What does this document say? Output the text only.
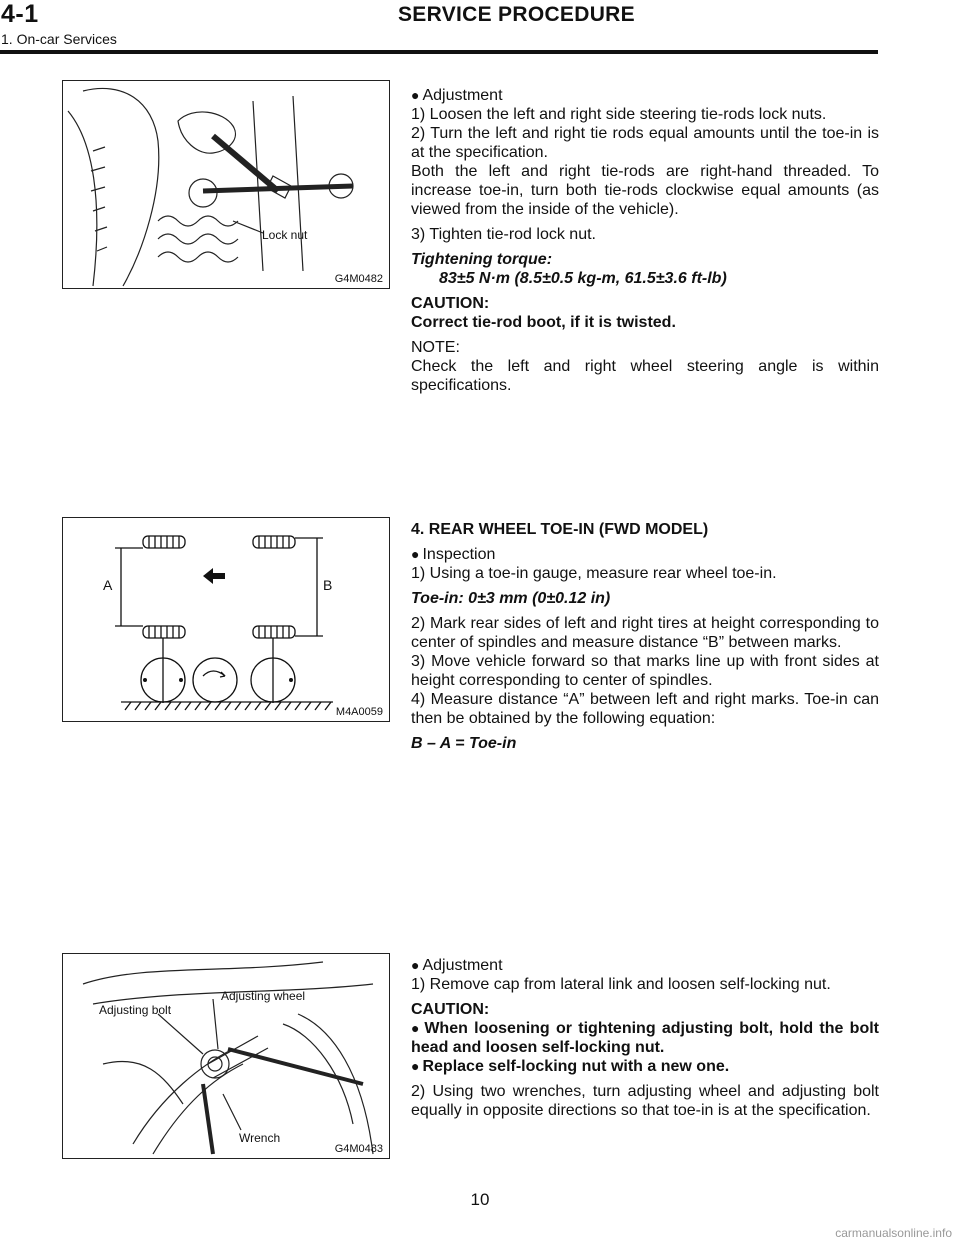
4-1	SERVICE PROCEDURE
1. On-car Services
Lock nut
G4M0482

● Adjustment

1) Loosen the left and right side steering tie-rods lock nuts.

2) Turn the left and right tie rods equal amounts until the toe-in is at the specification.

Both the left and right tie-rods are right-hand threaded. To increase toe-in, turn both tie-rods clockwise equal amounts (as viewed from the inside of the vehicle).

3) Tighten tie-rod lock nut.

Tightening torque:

83±5 N·m (8.5±0.5 kg-m, 61.5±3.6 ft-lb)

CAUTION:

Correct tie-rod boot, if it is twisted.

NOTE:

Check the left and right wheel steering angle is within specifications.

A	B
M4A0059

4. REAR WHEEL TOE-IN (FWD MODEL)

● Inspection

1) Using a toe-in gauge, measure rear wheel toe-in.

Toe-in: 0±3 mm (0±0.12 in)

2) Mark rear sides of left and right tires at height corresponding to center of spindles and measure distance “B” between marks.

3) Move vehicle forward so that marks line up with front sides at height corresponding to center of spindles.

4) Measure distance “A” between left and right marks. Toe-in can then be obtained by the following equation:

B – A = Toe-in

Adjusting bolt
Adjusting wheel
Wrench
G4M0483

● Adjustment

1) Remove cap from lateral link and loosen self-locking nut.

CAUTION:

● When loosening or tightening adjusting bolt, hold the bolt head and loosen self-locking nut.

● Replace self-locking nut with a new one.

2) Using two wrenches, turn adjusting wheel and adjusting bolt equally in opposite directions so that toe-in is at the specification.

10
carmanualsonline.info
